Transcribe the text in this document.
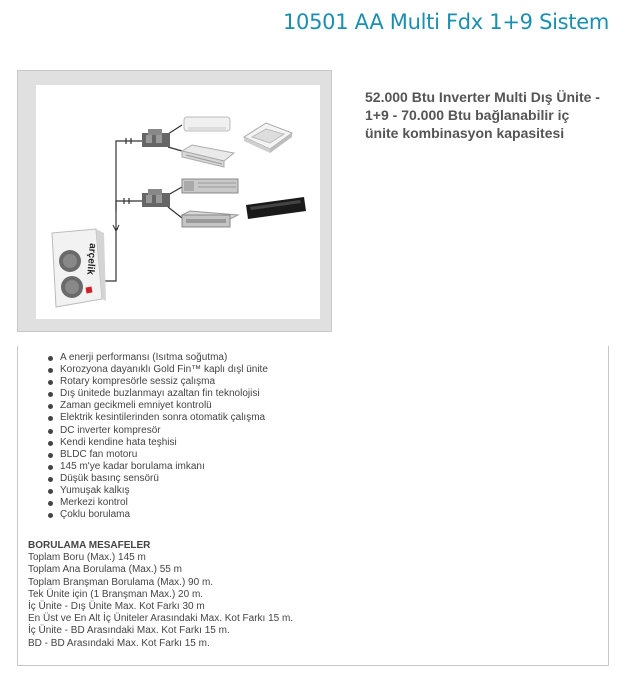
10501 AA Multi Fdx 1+9 Sistem
arçelik
52.000 Btu Inverter Multi Dış Ünite - 1+9 - 70.000 Btu bağlanabilir iç ünite kombinasyon kapasitesi
A enerji performansı (Isıtma soğutma)
Korozyona dayanıklı Gold Fin™ kaplı dışl ünite
Rotary kompresörle sessiz çalışma
Dış ünitede buzlanmayı azaltan fin teknolojisi
Zaman gecikmeli emniyet kontrolü
Elektrik kesintilerinden sonra otomatik çalışma
DC inverter kompresör
Kendi kendine hata teşhisi
BLDC fan motoru
145 m'ye kadar borulama imkanı
Düşük basınç sensörü
Yumuşak kalkış
Merkezi kontrol
Çoklu borulama
BORULAMA MESAFELER
Toplam Boru (Max.) 145 m
Toplam Ana Borulama (Max.) 55 m
Toplam Branşman Borulama (Max.) 90 m.
Tek Ünite için (1 Branşman Max.) 20 m.
İç Ünite - Dış Ünite Max. Kot Farkı 30 m
En Üst ve En Alt İç Üniteler Arasındaki Max. Kot Farkı 15 m.
İç Ünite - BD Arasındaki Max. Kot Farkı 15 m.
BD - BD Arasındaki Max. Kot Farkı 15 m.
